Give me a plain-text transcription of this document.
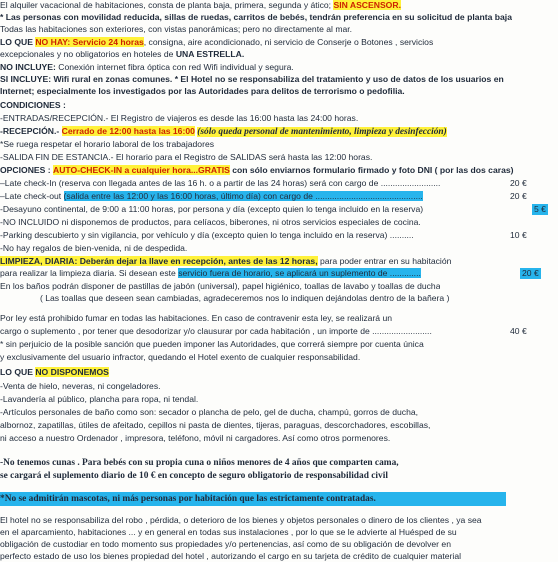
El alquiler vacacional de habitaciones, consta de planta baja, primera, segunda y ático; SIN ASCENSOR.
* Las personas con movilidad reducida, sillas de ruedas, carritos de bebés, tendrán preferencia en su solicitud de planta baja
Todas las habitaciones son exteriores, con vistas panorámicas; pero no directamente al mar.
LO QUE NO HAY: Servicio 24 horas, consigna, aire acondicionado, ni servicio de Conserje o Botones , servicios
excepcionales y no obligatorios en hoteles de UNA ESTRELLA.
NO INCLUYE: Conexión internet fibra óptica con red Wifi individual y segura.
SI INCLUYE: Wifi rural en zonas comunes. * El Hotel no se responsabiliza del tratamiento y uso de datos de los usuarios en
Internet; especialmente los investigados por las Autoridades para delitos de terrorismo o pedofilia.
CONDICIONES :
-ENTRADAS/RECEPCIÓN.- El Registro de viajeros es desde las 16:00 hasta las 24:00 horas.
-RECEPCIÓN.- Cerrado de 12:00 hasta las 16:00 (sólo queda personal de mantenimiento, limpieza y desinfección)
*Se ruega respetar el horario laboral de los trabajadores
-SALIDA FIN DE ESTANCIA.- El horario para el Registro de SALIDAS será hasta las 12:00 horas.
OPCIONES : AUTO-CHECK-IN a cualquier hora...GRATIS con sólo enviarnos formulario firmado y foto DNI ( por las dos caras)
–Late check-In (reserva con llegada antes de las 16 h. o a partir de las 24 horas) será con cargo de .........................	20 €
–Late check-out (salida entre las 12:00 y las 16:00 horas, último día) con cargo de .............................................	20 €
-Desayuno continental, de 9:00 a 11:00 horas, por persona y día (excepto quien lo tenga incluido en la reserva)	5 €
-NO INCLUIDO ni disponemos de productos, para celíacos, biberones, ni otros servicios especiales de cocina.
-Parking descubierto y sin vigilancia, por vehículo y día (excepto quien lo tenga incluido en la reserva) ..........	10 €
-No hay regalos de bien-venida, ni de despedida.
LIMPIEZA, DIARIA: Deberán dejar la llave en recepción, antes de las 12 horas, para poder entrar en su habitación
para realizar la limpieza diaria. Si desean este servicio fuera de horario, se aplicará un suplemento de .............	20 €
En los baños podrán disponer de pastillas de jabón (universal), papel higiénico, toallas de lavabo y toallas de ducha
( Las toallas que deseen sean cambiadas, agradeceremos nos lo indiquen dejándolas dentro de la bañera )
Por ley está prohibido fumar en todas las habitaciones. En caso de contravenir esta ley, se realizará un
cargo o suplemento , por tener que desodorizar y/o clausurar por cada habitación , un importe de .........................	40 €
* sin perjuicio de la posible sanción que pueden imponer las Autoridades, que correrá siempre por cuenta única
y exclusivamente del usuario infractor, quedando el Hotel exento de cualquier responsabilidad.
LO QUE NO DISPONEMOS
-Venta de hielo, neveras, ni congeladores.
-Lavandería al público, plancha para ropa, ni tendal.
-Artículos personales de baño como son: secador o plancha de pelo, gel de ducha, champú, gorros de ducha,
albornoz, zapatillas, útiles de afeitado, cepillos ni pasta de dientes, tijeras, paraguas, descorchadores, escobillas,
ni acceso a nuestro Ordenador , impresora, teléfono, móvil ni cargadores. Así como otros pormenores.
-No tenemos cunas . Para bebés con su propia cuna o niños menores de 4 años que comparten cama,
se cargará el suplemento diario de 10 € en concepto de seguro obligatorio de responsabilidad civil
*No se admitirán mascotas, ni más personas por habitación que las estrictamente contratadas.
El hotel no se responsabiliza del robo , pérdida, o deterioro de los bienes y objetos personales o dinero de los clientes , ya sea
en el aparcamiento, habitaciones ... y en general en todas sus instalaciones , por lo que se le advierte al Huésped de su
obligación de custodiar en todo momento sus propiedades y/o pertenencias, así como de su obligación de devolver en
perfecto estado de uso los bienes propiedad del hotel , autorizando el cargo en su tarjeta de crédito de cualquier material
